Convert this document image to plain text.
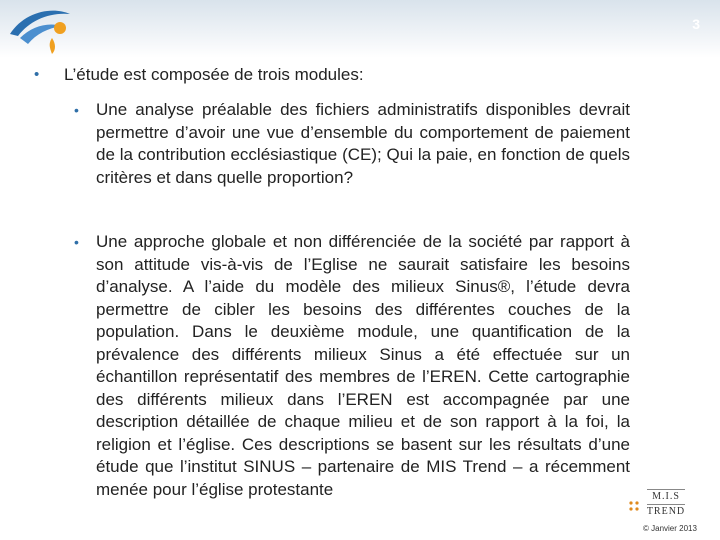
3
• L’étude est composée de trois modules:
• Une analyse préalable des fichiers administratifs disponibles devrait permettre d’avoir une vue d’ensemble du comportement de paiement de la contribution ecclésiastique (CE); Qui la paie, en fonction de quels critères et dans quelle proportion?
• Une approche globale et non différenciée de la société par rapport à son attitude vis-à-vis de l’Eglise ne saurait satisfaire les besoins d’analyse. A l’aide du modèle des milieux Sinus®, l’étude devra permettre de cibler les besoins des différentes couches de la population. Dans le deuxième module, une quantification de la prévalence des différents milieux Sinus a été effectuée sur un échantillon représentatif des membres de l’EREN. Cette cartographie des différents milieux dans l’EREN est accompagnée par une description détaillée de chaque milieu et de son rapport à la foi, la religion et l’église. Ces descriptions se basent sur les résultats d’une étude que l’institut SINUS – partenaire de MIS Trend – a récemment menée pour l’église protestante	M.I.S
TREND
© Janvier 2013
